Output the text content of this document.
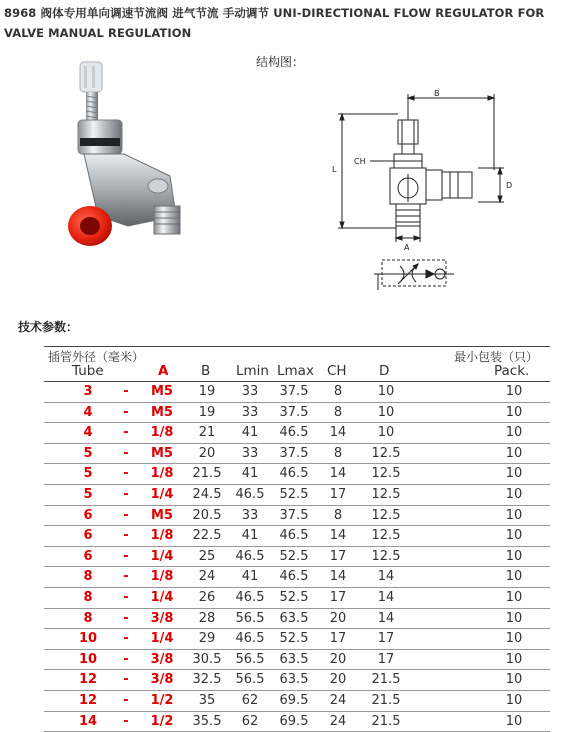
8968 阀体专用单向调速节流阀 进气节流 手动调节 UNI-DIRECTIONAL FLOW REGULATOR FOR VALVE MANUAL REGULATION
结构图：
B
CH
L
D
A
技术参数：
插管外径（毫米）
Tube	A B Lmin Lmax CH D
最小包装（只）
Pack.
3	-	M5	19	33	37.5	8	10	10
4	-	M5	19	33	37.5	8	10	10
4	-	1/8	21	41	46.5	14	10	10
5	-	M5	20	33	37.5	8	12.5	10
5	-	1/8	21.5	41	46.5	14	12.5	10
5	-	1/4	24.5 46.5	52.5	17	12.5	10
6	-	M5	20.5	33	37.5	8	12.5	10
6	-	1/8	22.5	41	46.5	14	12.5	10
6	-	1/4	25	46.5	52.5	17	12.5	10
8	-	1/8	24	41	46.5	14	14	10
8	-	1/4	26	46.5	52.5	17	14	10
8	-	3/8	28	56.5	63.5	20	14	10
10	-	1/4	29	46.5	52.5	17	17	10
10	-	3/8	30.5 56.5	63.5	20	17	10
12	-	3/8	32.5 56.5	63.5	20	21.5	10
12	-	1/2	35	62	69.5	24	21.5	10
14	-	1/2	35.5	62	69.5	24	21.5	10
